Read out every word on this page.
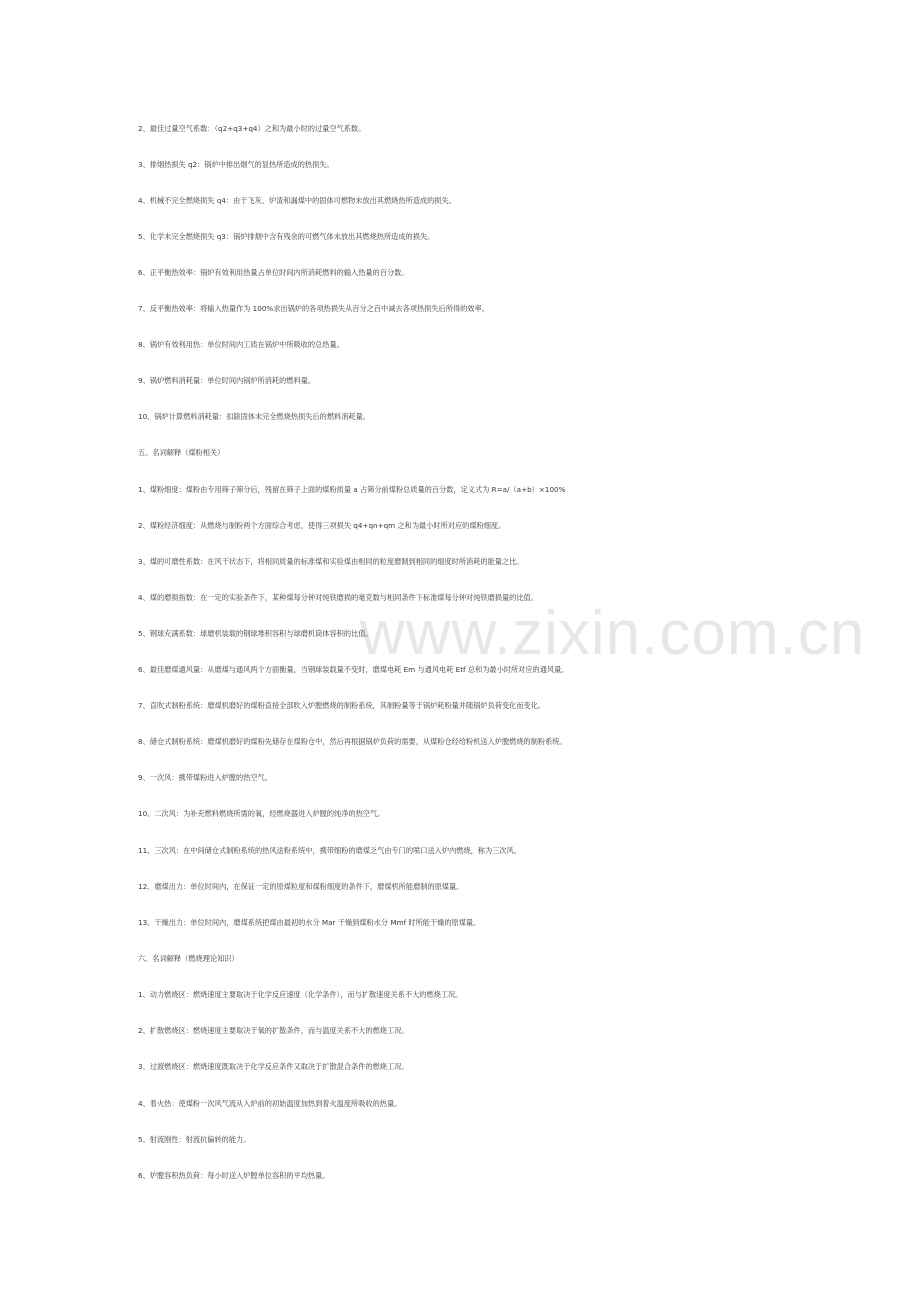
www.zixin.com.cn
2、最佳过量空气系数：（q2+q3+q4）之和为最小时的过量空气系数。
3、排烟热损失 q2：锅炉中排出烟气的显热所造成的热损失。
4、机械不完全燃烧损失 q4：由于飞灰、炉渣和漏煤中的固体可燃物未放出其燃烧热所造成的损失。
5、化学未完全燃烧损失 q3：锅炉排烟中含有残余的可燃气体未放出其燃烧热所造成的损失。
6、正平衡热效率：锅炉有效利用热量占单位时间内所消耗燃料的输入热量的百分数。
7、反平衡热效率：将输入热量作为 100%求出锅炉的各项热损失从百分之百中减去各项热损失后所得的效率。
8、锅炉有效利用热：单位时间内工质在锅炉中所吸收的总热量。
9、锅炉燃料消耗量：单位时间内锅炉所消耗的燃料量。
10、锅炉计算燃料消耗量：扣除固体未完全燃烧热损失后的燃料消耗量。
五、名词解释（煤粉相关）
1、煤粉细度：煤粉由专用筛子筛分后，残留在筛子上面的煤粉质量 a 占筛分前煤粉总质量的百分数，定义式为 R=a/（a+b）×100%
2、煤粉经济细度：从燃烧与制粉两个方面综合考虑，使得三项损失 q4+qn+qm 之和为最小时所对应的煤粉细度。
3、煤的可磨性系数：在风干状态下，将相同质量的标准煤和实验煤由相同的粒度磨制到相同的细度时所消耗的能量之比。
4、煤的磨损指数：在一定的实验条件下，某种煤每分钟对纯铁磨损的毫克数与相同条件下标准煤每分钟对纯铁磨损量的比值。
5、钢球充满系数：球磨机装载的钢球堆积容积与球磨机筒体容积的比值。
6、最佳磨煤通风量：从磨煤与通风两个方面衡量，当钢球装载量不变时，磨煤电耗 Em 与通风电耗 Etf 总和为最小时所对应的通风量。
7、直吹式制粉系统：磨煤机磨好的煤粉直接全部吹入炉膛燃烧的制粉系统，其制粉量等于锅炉耗粉量并随锅炉负荷变化而变化。
8、储仓式制粉系统：磨煤机磨好的煤粉先储存在煤粉仓中，然后再根据锅炉负荷的需要，从煤粉仓经给粉机送入炉膛燃烧的制粉系统。
9、一次风：携带煤粉进入炉膛的热空气。
10、二次风：为补充燃料燃烧所需的氧，经燃烧器进入炉膛的纯净的热空气。
11、三次风：在中间储仓式制粉系统的热风送粉系统中，携带细粉的磨煤乏气由专门的喷口送入炉内燃烧，称为三次风。
12、磨煤出力：单位时间内，在保证一定的原煤粒度和煤粉细度的条件下，磨煤机所能磨制的原煤量。
13、干燥出力：单位时间内，磨煤系统把煤由最初的水分 Mar 干燥到煤粉水分 Mmf 时所能干燥的原煤量。
六、名词解释（燃烧理论知识）
1、动力燃烧区：燃烧速度主要取决于化学反应速度（化学条件），而与扩散速度关系不大的燃烧工况。
2、扩散燃烧区：燃烧速度主要取决于氧的扩散条件，而与温度关系不大的燃烧工况。
3、过渡燃烧区：燃烧速度既取决于化学反应条件又取决于扩散混合条件的燃烧工况。
4、着火热：使煤粉一次风气流从入炉前的初始温度加热到着火温度所吸收的热量。
5、射流刚性：射流抗偏转的能力。
6、炉膛容积热负荷：每小时送入炉膛单位容积的平均热量。
